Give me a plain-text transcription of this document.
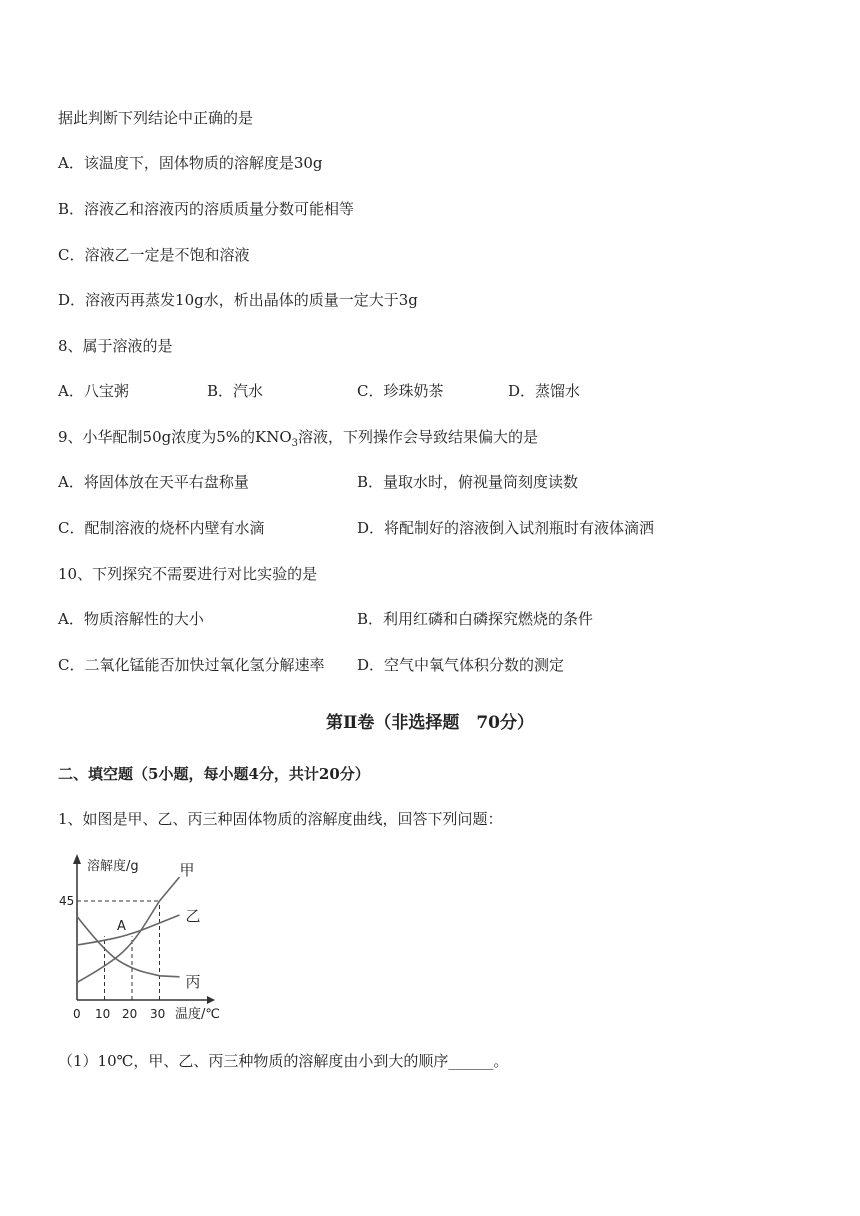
据此判断下列结论中正确的是
A．该温度下，固体物质的溶解度是30g
B．溶液乙和溶液丙的溶质质量分数可能相等
C．溶液乙一定是不饱和溶液
D．溶液丙再蒸发10g水，析出晶体的质量一定大于3g
8、属于溶液的是
A．八宝粥	B．汽水	C．珍珠奶茶	D．蒸馏水
9、小华配制50g浓度为5%的$KNO_3$溶液，下列操作会导致结果偏大的是
A．将固体放在天平右盘称量	B．量取水时，俯视量筒刻度读数
C．配制溶液的烧杯内壁有水滴	D．将配制好的溶液倒入试剂瓶时有液体滴洒
10、下列探究不需要进行对比实验的是
A．物质溶解性的大小	B．利用红磷和白磷探究燃烧的条件
C．二氧化锰能否加快过氧化氢分解速率 D．空气中氧气体积分数的测定
第Ⅱ卷（非选择题　70分）
二、填空题（5小题，每小题4分，共计20分）
1、如图是甲、乙、丙三种固体物质的溶解度曲线，回答下列问题：
溶解度/g
温度/℃
45
0 10 20 30
甲
乙
丙
A
（1）10℃，甲、乙、丙三种物质的溶解度由小到大的顺序______。
